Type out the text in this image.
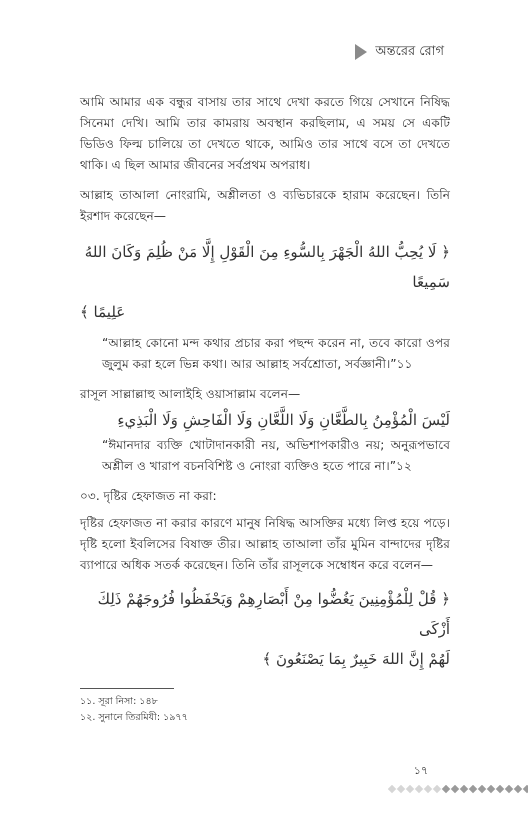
অন্তরের রোগ

আমি আমার এক বন্ধুর বাসায় তার সাথে দেখা করতে গিয়ে সেখানে নিষিদ্ধ সিনেমা দেখি। আমি তার কামরায় অবস্থান করছিলাম, এ সময় সে একটি ভিডিও ফিল্ম চালিয়ে তা দেখতে থাকে, আমিও তার সাথে বসে তা দেখতে থাকি। এ ছিল আমার জীবনের সর্বপ্রথম অপরাধ।

আল্লাহ তাআলা নোংরামি, অশ্লীলতা ও ব্যভিচারকে হারাম করেছেন। তিনি ইরশাদ করেছেন—

﴿ لَا يُحِبُّ اللهُ الْجَهْرَ بِالسُّوءِ مِنَ الْقَوْلِ إِلَّا مَنْ ظُلِمَ وَكَانَ اللهُ سَمِيعًا
عَلِيمًا ﴾

“আল্লাহ কোনো মন্দ কথার প্রচার করা পছন্দ করেন না, তবে কারো ওপর জুলুম করা হলে ভিন্ন কথা। আর আল্লাহ সর্বশ্রোতা, সর্বজ্ঞানী।”১১

রাসূল সাল্লাল্লাহু আলাইহি ওয়াসাল্লাম বলেন—

لَيْسَ الْمُؤْمِنُ بِالطَّعَّانِ وَلَا اللَّعَّانِ وَلَا الْفَاحِشِ وَلَا الْبَذِيءِ

“ঈমানদার ব্যক্তি খোটাদানকারী নয়, অভিশাপকারীও নয়; অনুরূপভাবে অশ্লীল ও খারাপ বচনবিশিষ্ট ও নোংরা ব্যক্তিও হতে পারে না।”১২

০৩. দৃষ্টির হেফাজত না করা:

দৃষ্টির হেফাজত না করার কারণে মানুষ নিষিদ্ধ আসক্তির মধ্যে লিপ্ত হয়ে পড়ে। দৃষ্টি হলো ইবলিসের বিষাক্ত তীর। আল্লাহ তাআলা তাঁর মুমিন বান্দাদের দৃষ্টির ব্যাপারে অধিক সতর্ক করেছেন। তিনি তাঁর রাসূলকে সম্বোধন করে বলেন—

﴿ قُلْ لِلْمُؤْمِنِينَ يَغُضُّوا مِنْ أَبْصَارِهِمْ وَيَحْفَظُوا فُرُوجَهُمْ ذَلِكَ أَزْكَى
لَهُمْ إِنَّ اللهَ خَبِيرٌ بِمَا يَصْنَعُونَ ﴾
১১. সূরা নিসা: ১৪৮
১২. সুনানে তিরমিযী: ১৯৭৭
১৭
